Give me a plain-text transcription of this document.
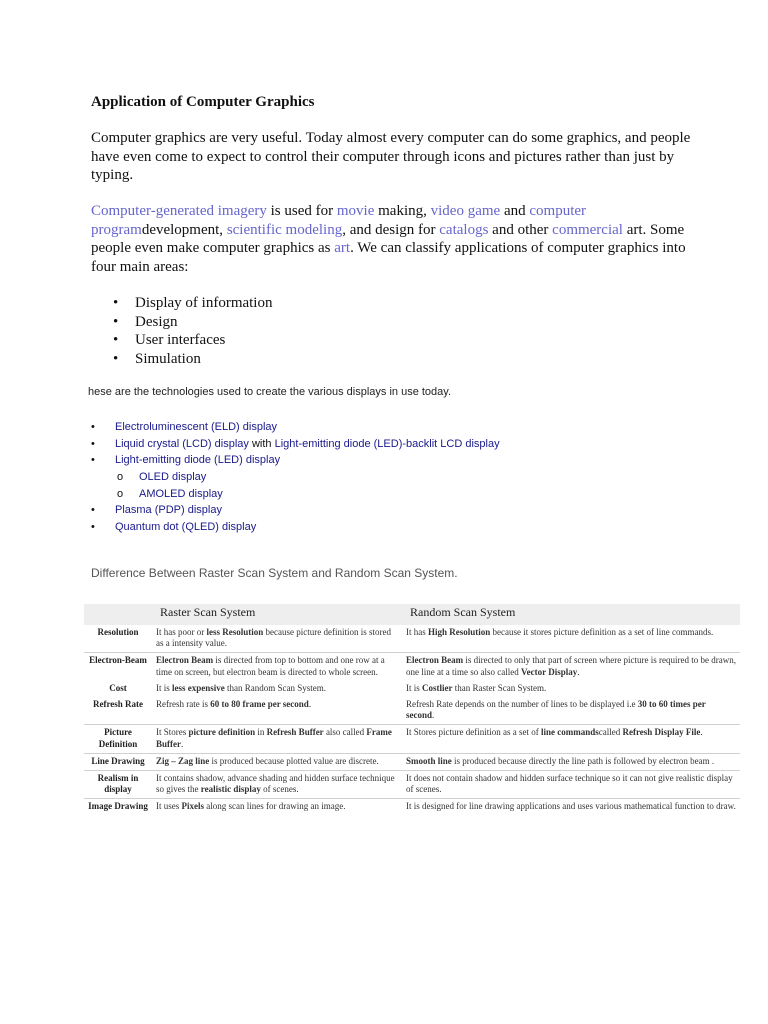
Application of Computer Graphics

Computer graphics are very useful. Today almost every computer can do some graphics, and people have even come to expect to control their computer through icons and pictures rather than just by typing.

Computer-generated imagery is used for movie making, video game and computer programdevelopment, scientific modeling, and design for catalogs and other commercial art. Some people even make computer graphics as art. We can classify applications of computer graphics into four main areas:

• Display of information
• Design
• User interfaces
• Simulation
hese are the technologies used to create the various displays in use today.
• Electroluminescent (ELD) display
• Liquid crystal (LCD) display with Light-emitting diode (LED)-backlit LCD display
• Light-emitting diode (LED) display
o OLED display
o AMOLED display
• Plasma (PDP) display
• Quantum dot (QLED) display
Difference Between Raster Scan System and Random Scan System.
	Raster Scan System	Random Scan System
Resolution	It has poor or less Resolution because picture definition is stored as a intensity value.	It has High Resolution because it stores picture definition as a set of line commands.
Electron-Beam	Electron Beam is directed from top to bottom and one row at a time on screen, but electron beam is directed to whole screen.	Electron Beam is directed to only that part of screen where picture is required to be drawn, one line at a time so also called Vector Display.
Cost	It is less expensive than Random Scan System.	It is Costlier than Raster Scan System.
Refresh Rate	Refresh rate is 60 to 80 frame per second.	Refresh Rate depends on the number of lines to be displayed i.e 30 to 60 times per second.
Picture Definition	It Stores picture definition in Refresh Buffer also called Frame Buffer.	It Stores picture definition as a set of line commandscalled Refresh Display File.
Line Drawing	Zig – Zag line is produced because plotted value are discrete.	Smooth line is produced because directly the line path is followed by electron beam .
Realism in display	It contains shadow, advance shading and hidden surface technique so gives the realistic display of scenes.	It does not contain shadow and hidden surface technique so it can not give realistic display of scenes.
Image Drawing	It uses Pixels along scan lines for drawing an image.	It is designed for line drawing applications and uses various mathematical function to draw.
